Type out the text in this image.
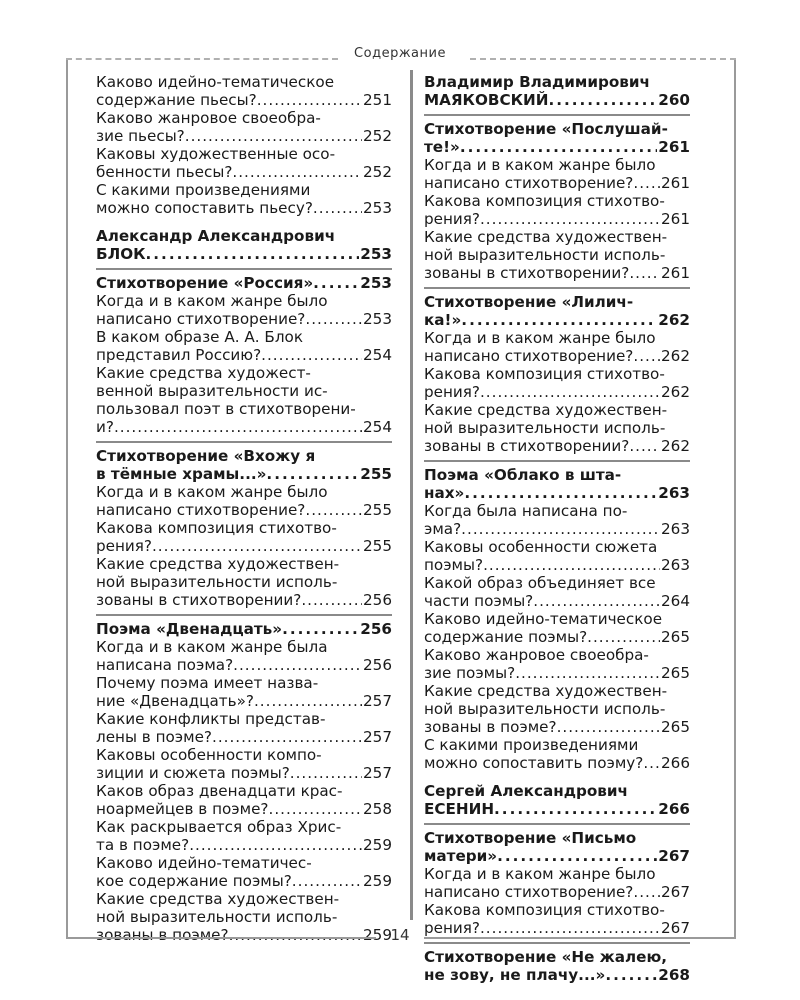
Содержание
Каково идейно-тематическое
содержание пьесы? .....	251
Каково жанровое своеобра-
зие пьесы? .....	252
Каковы художественные осо-
бенности пьесы? .....	252
С какими произведениями
можно сопоставить пьесу? .....	253
Александр Александрович
БЛОК .....	253
Стихотворение «Россия» .....	253
Когда и в каком жанре было
написано стихотворение? .....	253
В каком образе А. А. Блок
представил Россию? .....	254
Какие средства художест-
венной выразительности ис-
пользовал поэт в стихотворени-
и? .....	254
Стихотворение «Вхожу я
в тёмные храмы...» .....	255
Когда и в каком жанре было
написано стихотворение? .....	255
Какова композиция стихотво-
рения? .....	255
Какие средства художествен-
ной выразительности исполь-
зованы в стихотворении? .....	256
Поэма «Двенадцать» .....	256
Когда и в каком жанре была
написана поэма? .....	256
Почему поэма имеет назва-
ние «Двенадцать»? .....	257
Какие конфликты представ-
лены в поэме? .....	257
Каковы особенности компо-
зиции и сюжета поэмы? .....	257
Каков образ двенадцати крас-
ноармейцев в поэме? .....	258
Как раскрывается образ Хрис-
та в поэме? .....	259
Каково идейно-тематичес-
кое содержание поэмы? .....	259
Какие средства художествен-
ной выразительности исполь-
зованы в поэме? .....	259
Владимир Владимирович
МАЯКОВСКИЙ .....	260
Стихотворение «Послушай-
те!» .....	261
Когда и в каком жанре было
написано стихотворение? ..... 261
Какова композиция стихотво-
рения? .....	261
Какие средства художествен-
ной выразительности исполь-
зованы в стихотворении? ..... 261
Стихотворение «Лилич-
ка!» .....	262
Когда и в каком жанре было
написано стихотворение? ..... 262
Какова композиция стихотво-
рения? .....	262
Какие средства художествен-
ной выразительности исполь-
зованы в стихотворении? ..... 262
Поэма «Облако в шта-
нах» .....	263
Когда была написана по-
эма? .....	263
Каковы особенности сюжета
поэмы? .....	263
Какой образ объединяет все
части поэмы? .....	264
Каково идейно-тематическое
содержание поэмы? .....	265
Каково жанровое своеобра-
зие поэмы? .....	265
Какие средства художествен-
ной выразительности исполь-
зованы в поэме? .....	265
С какими произведениями
можно сопоставить поэму? ..... 266
Сергей Александрович
ЕСЕНИН .....	266
Стихотворение «Письмо
матери» .....	267
Когда и в каком жанре было
написано стихотворение? ..... 267
Какова композиция стихотво-
рения? .....	267
Стихотворение «Не жалею,
не зову, не плачу...» .....	268
14
